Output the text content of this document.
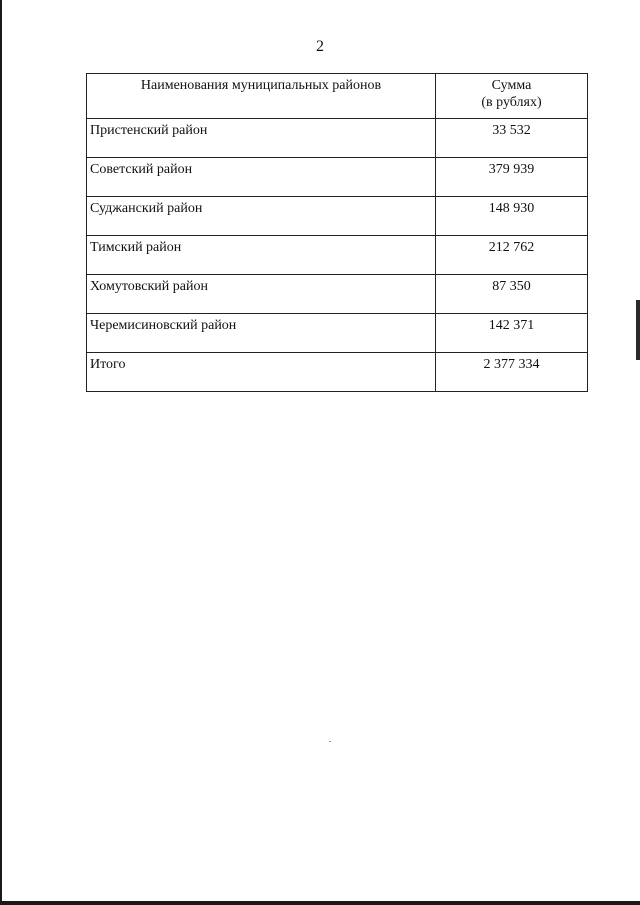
2
Наименования муниципальных районов	Сумма
(в рублях)

Пристенский район	33 532
Советский район	379 939
Суджанский район	148 930
Тимский район	212 762
Хомутовский район	87 350
Черемисиновский район	142 371
Итого	2 377 334
